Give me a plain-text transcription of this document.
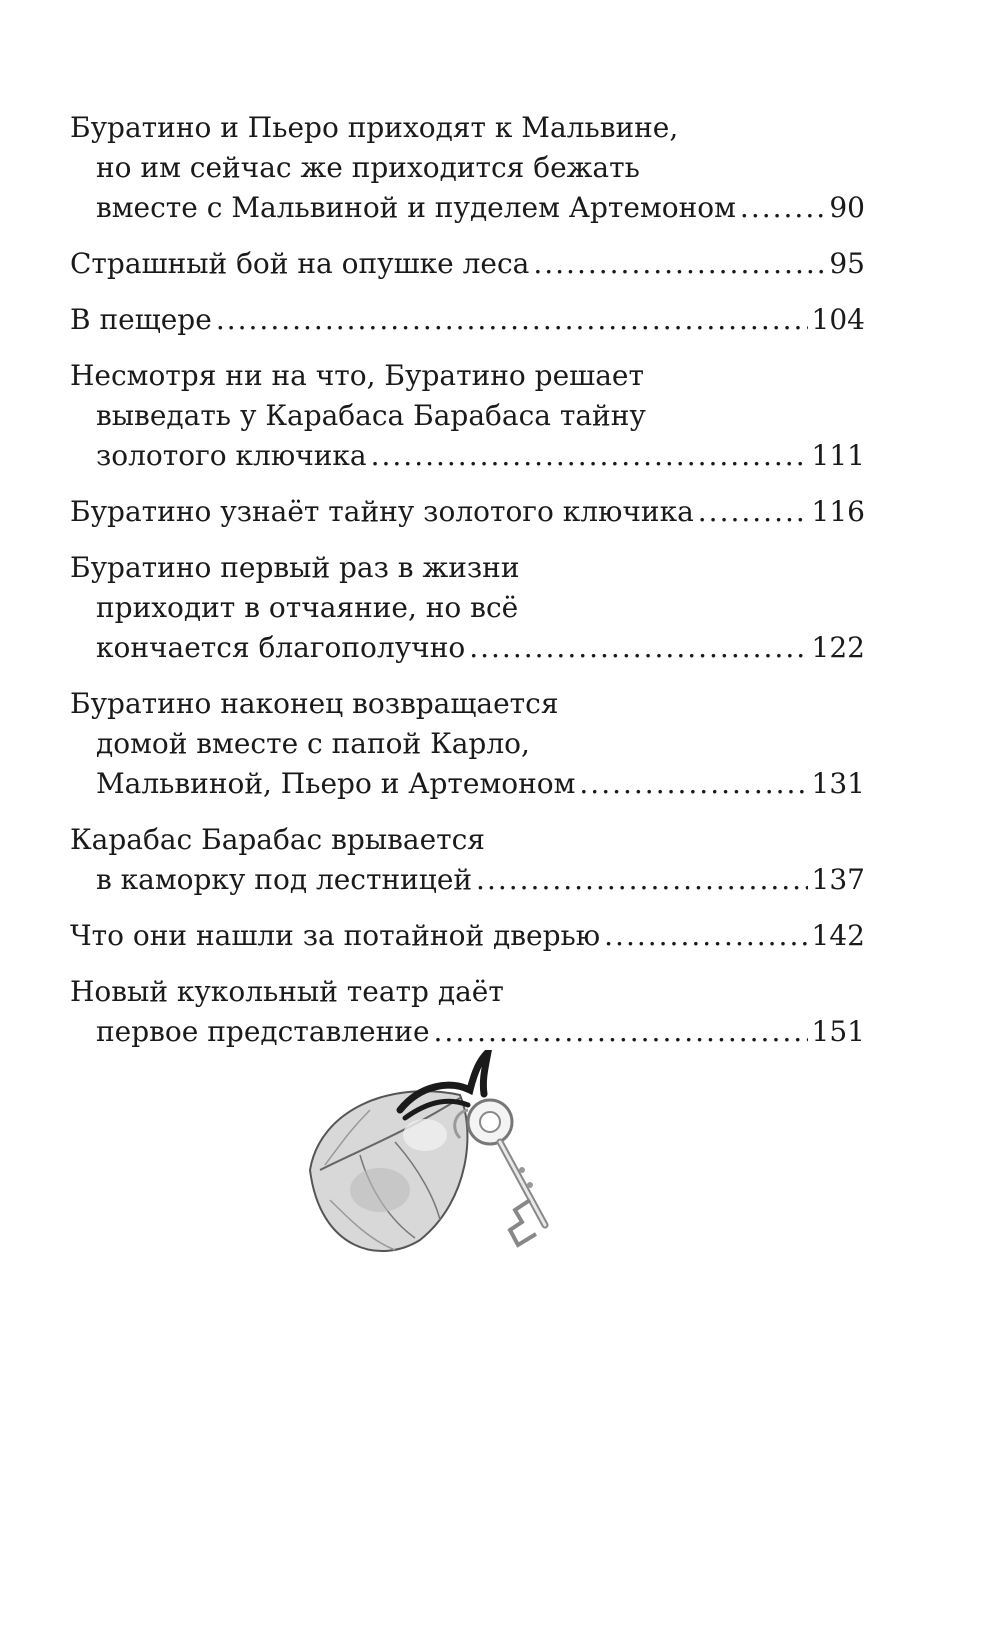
Буратино и Пьеро приходят к Мальвине,
но им сейчас же приходится бежать
вместе с Мальвиной и пуделем Артемоном .....	90
Страшный бой на опушке леса .....	95
В пещере .....	104
Несмотря ни на что, Буратино решает
выведать у Карабаса Барабаса тайну
золотого ключика .....	111
Буратино узнаёт тайну золотого ключика .....	116
Буратино первый раз в жизни
приходит в отчаяние, но всё
кончается благополучно .....	122
Буратино наконец возвращается
домой вместе с папой Карло,
Мальвиной, Пьеро и Артемоном .....	131
Карабас Барабас врывается
в каморку под лестницей .....	137
Что они нашли за потайной дверью .....	142
Новый кукольный театр даёт
первое представление .....	151
